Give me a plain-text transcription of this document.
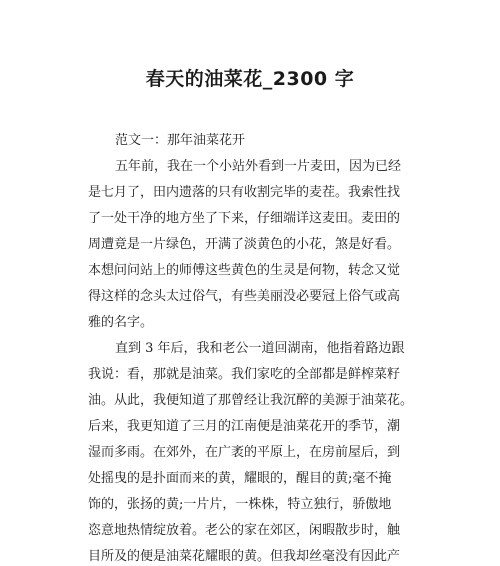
春天的油菜花_2300 字
范文一：那年油菜花开
五年前，我在一个小站外看到一片麦田，因为已经
是七月了，田内遗落的只有收割完毕的麦茬。我索性找
了一处干净的地方坐了下来，仔细端详这麦田。麦田的
周遭竟是一片绿色，开满了淡黄色的小花，煞是好看。
本想问问站上的师傅这些黄色的生灵是何物，转念又觉
得这样的念头太过俗气，有些美丽没必要冠上俗气或高
雅的名字。
直到 3 年后，我和老公一道回湖南，他指着路边跟
我说：看，那就是油菜。我们家吃的全部都是鲜榨菜籽
油。从此，我便知道了那曾经让我沉醉的美源于油菜花。
后来，我更知道了三月的江南便是油菜花开的季节，潮
湿而多雨。在郊外，在广袤的平原上，在房前屋后，到
处摇曳的是扑面而来的黄，耀眼的，醒目的黄;毫不掩
饰的，张扬的黄;一片片，一株株，特立独行，骄傲地
恣意地热情绽放着。老公的家在郊区，闲暇散步时，触
目所及的便是油菜花耀眼的黄。但我却丝毫没有因此产
